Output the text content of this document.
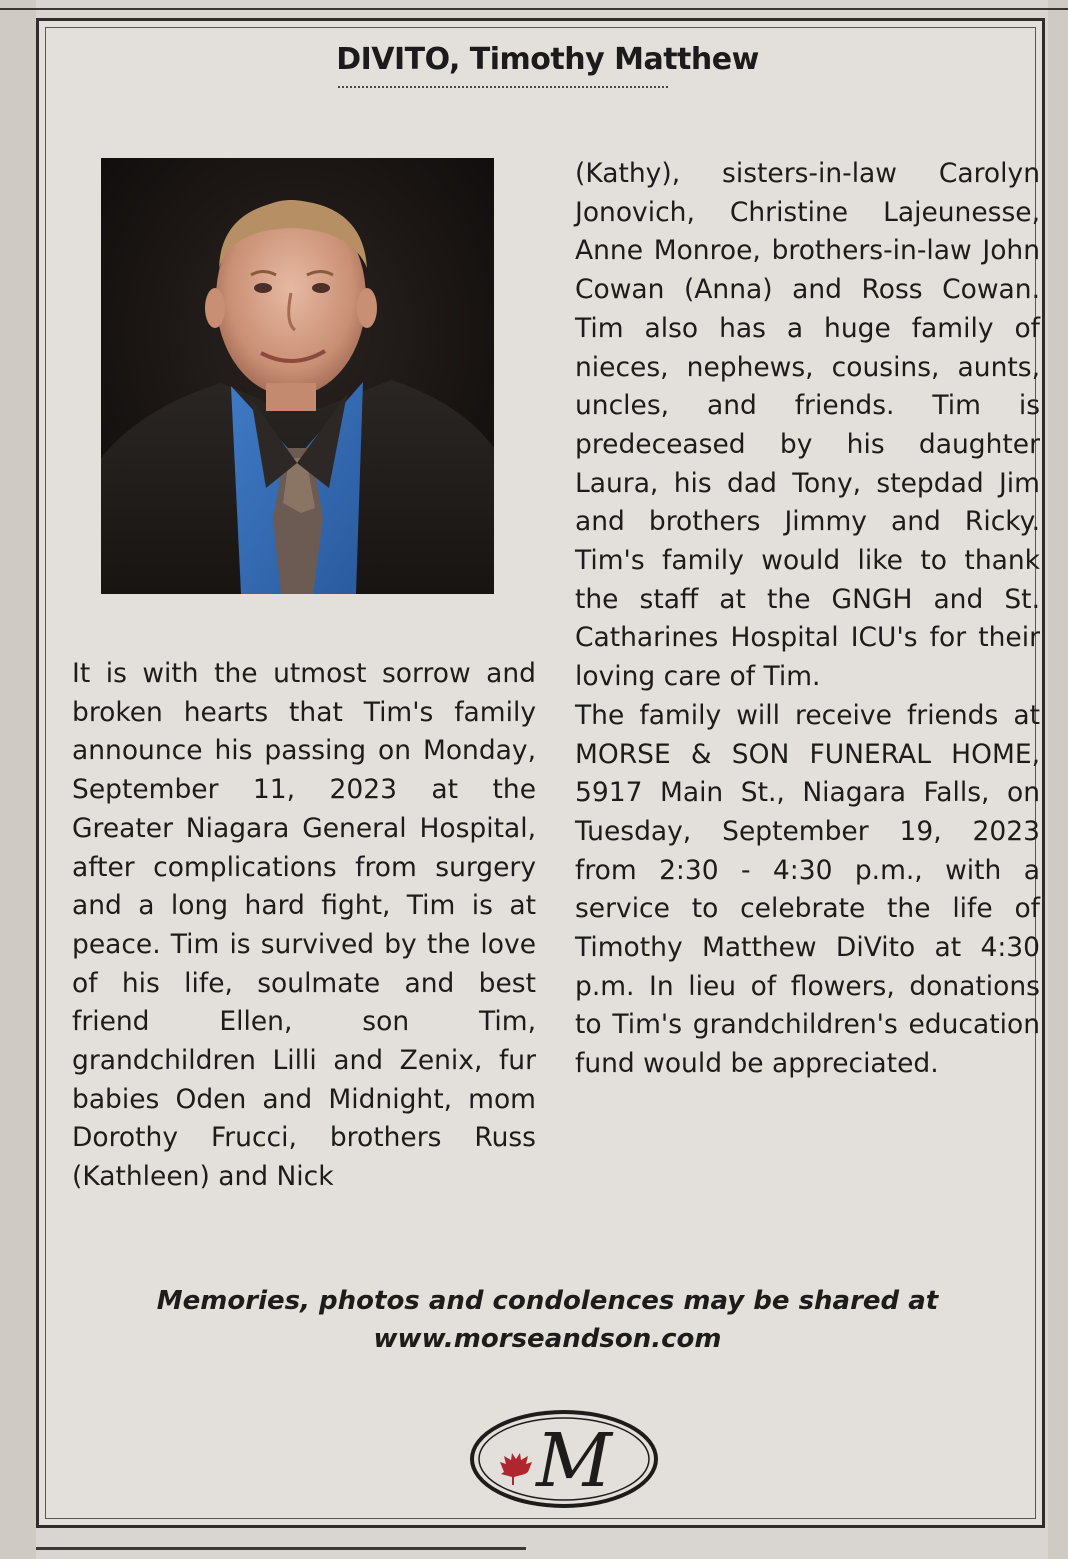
DIVITO, Timothy Matthew
It is with the utmost sorrow and broken hearts that Tim's family announce his passing on Monday, September 11, 2023 at the Greater Niagara General Hospital, after complications from surgery and a long hard fight, Tim is at peace. Tim is survived by the love of his life, soulmate and best friend Ellen, son Tim, grandchildren Lilli and Zenix, fur babies Oden and Midnight, mom Dorothy Frucci, brothers Russ (Kathleen) and Nick

(Kathy), sisters-in-law Carolyn Jonovich, Christine Lajeunesse, Anne Monroe, brothers-in-law John Cowan (Anna) and Ross Cowan. Tim also has a huge family of nieces, nephews, cousins, aunts, uncles, and friends. Tim is predeceased by his daughter Laura, his dad Tony, stepdad Jim and brothers Jimmy and Ricky. Tim's family would like to thank the staff at the GNGH and St. Catharines Hospital ICU's for their loving care of Tim.

The family will receive friends at MORSE & SON FUNERAL HOME, 5917 Main St., Niagara Falls, on Tuesday, September 19, 2023 from 2:30 - 4:30 p.m., with a service to celebrate the life of Timothy Matthew DiVito at 4:30 p.m. In lieu of flowers, donations to Tim's grandchildren's education fund would be appreciated.

Memories, photos and condolences may be shared at
www.morseandson.com
M
